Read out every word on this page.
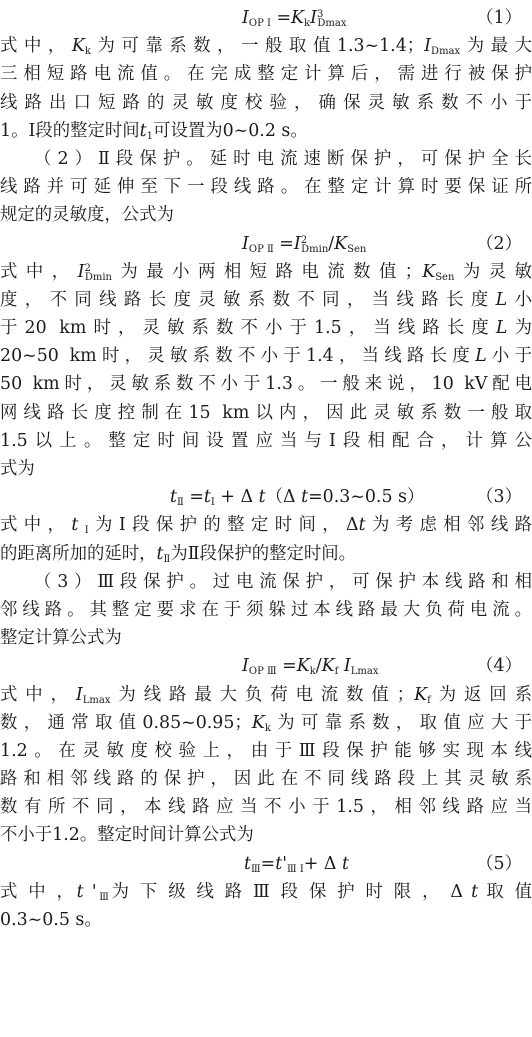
$I_{OP Ⅰ} =K_kI^3_{Dmax}$	（1）
式中，$K_k$为可靠系数，一般取值1.3~1.4；$I_{Dmax}$为最大
三相短路电流值。在完成整定计算后，需进行被保护
线路出口短路的灵敏度校验，确保灵敏系数不小于
1。Ⅰ段的整定时间$t_1$可设置为0~0.2 s。
（2）Ⅱ段保护。延时电流速断保护，可保护全长
线路并可延伸至下一段线路。在整定计算时要保证所
规定的灵敏度，公式为
$I_{OP Ⅱ} =I^2_{Dmin}/K_{Sen}$	（2）
式中，$I^2_{Dmin}$为最小两相短路电流数值；$K_{Sen}$为灵敏
度，不同线路长度灵敏系数不同，当线路长度L小
于20 km时，灵敏系数不小于1.5，当线路长度L为
20~50 km时，灵敏系数不小于1.4，当线路长度L小于
50 km时，灵敏系数不小于1.3。一般来说，10 kV配电
网线路长度控制在15 km以内，因此灵敏系数一般取
1.5以上。整定时间设置应当与Ⅰ段相配合，计算公
式为
$t_Ⅱ =t_Ⅰ + \Delta$ t（Δ t=0.3~0.5 s）	（3）
式中，$t_Ⅰ$为Ⅰ段保护的整定时间，Δt为考虑相邻线路
的距离所加的延时，$t_Ⅱ$为Ⅱ段保护的整定时间。
（3）Ⅲ段保护。过电流保护，可保护本线路和相
邻线路。其整定要求在于须躲过本线路最大负荷电流。
整定计算公式为
$I_{OP Ⅲ} =K_k/K_f$ $I_{Lmax}$	（4）
式中，$I_{Lmax}$为线路最大负荷电流数值；$K_f$为返回系
数，通常取值0.85~0.95；$K_k$为可靠系数，取值应大于
1.2。在灵敏度校验上，由于Ⅲ段保护能够实现本线
路和相邻线路的保护，因此在不同线路段上其灵敏系
数有所不同，本线路应当不小于1.5，相邻线路应当
不小于1.2。整定时间计算公式为
$t_Ⅲ=t'_{Ⅲ Ⅰ}+ \Delta$ t	（5）
式 中 ，t '$_Ⅲ$为 下 级 线 路 Ⅲ 段 保 护 时 限 ， Δ t 取 值
0.3~0.5 s。
